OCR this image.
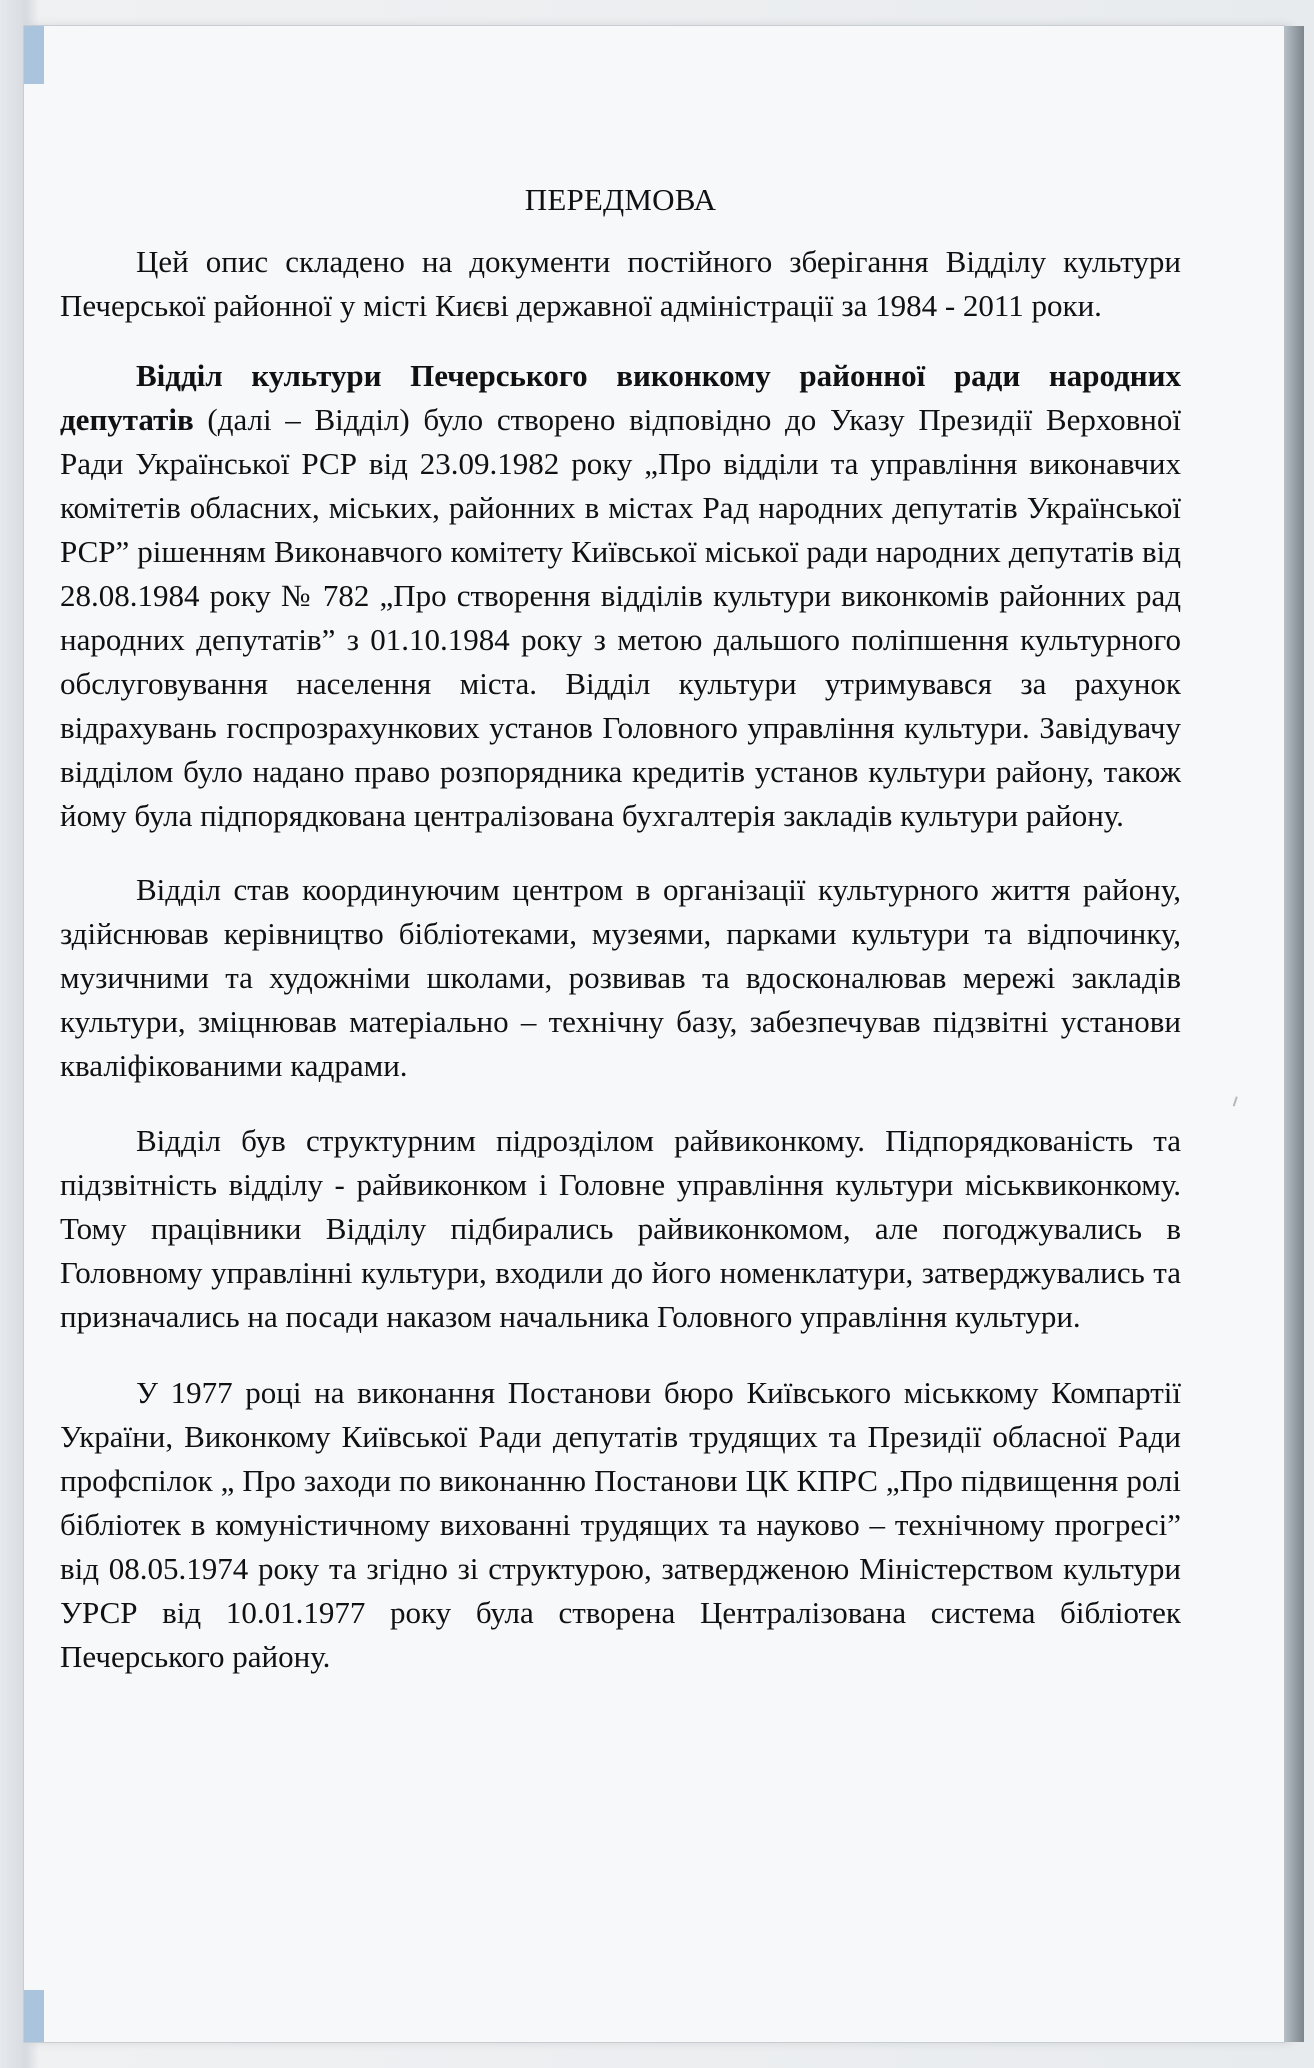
ПЕРЕДМОВА

Цей опис складено на документи постійного зберігання Відділу культури Печерської районної у місті Києві державної адміністрації за 1984 - 2011 роки.

Відділ культури Печерського виконкому районної ради народних депутатів (далі – Відділ) було створено відповідно до Указу Президії Верховної Ради Української РСР від 23.09.1982 року „Про відділи та управління виконавчих комітетів обласних, міських, районних в містах Рад народних депутатів Української РСР” рішенням Виконавчого комітету Київської міської ради народних депутатів від 28.08.1984 року № 782 „Про створення відділів культури виконкомів районних рад народних депутатів” з 01.10.1984 року з метою дальшого поліпшення культурного обслуговування населення міста. Відділ культури утримувався за рахунок відрахувань госпрозрахункових установ Головного управління культури. Завідувачу відділом було надано право розпорядника кредитів установ культури району, також йому була підпорядкована централізована бухгалтерія закладів культури району.

Відділ став координуючим центром в організації культурного життя району, здійснював керівництво бібліотеками, музеями, парками культури та відпочинку, музичними та художніми школами, розвивав та вдосконалював мережі закладів культури, зміцнював матеріально – технічну базу, забезпечував підзвітні установи кваліфікованими кадрами.

Відділ був структурним підрозділом райвиконкому. Підпорядкованість та підзвітність відділу - райвиконком і Головне управління культури міськвиконкому. Тому працівники Відділу підбирались райвиконкомом, але погоджувались в Головному управлінні культури, входили до його номенклатури, затверджувались та призначались на посади наказом начальника Головного управління культури.

У 1977 році на виконання Постанови бюро Київського міськкому Компартії України, Виконкому Київської Ради депутатів трудящих та Президії обласної Ради профспілок „ Про заходи по виконанню Постанови ЦК КПРС „Про підвищення ролі бібліотек в комуністичному вихованні трудящих та науково – технічному прогресі” від 08.05.1974 року та згідно зі структурою, затвердженою Міністерством культури УРСР від 10.01.1977 року була створена Централізована система бібліотек Печерського району.
